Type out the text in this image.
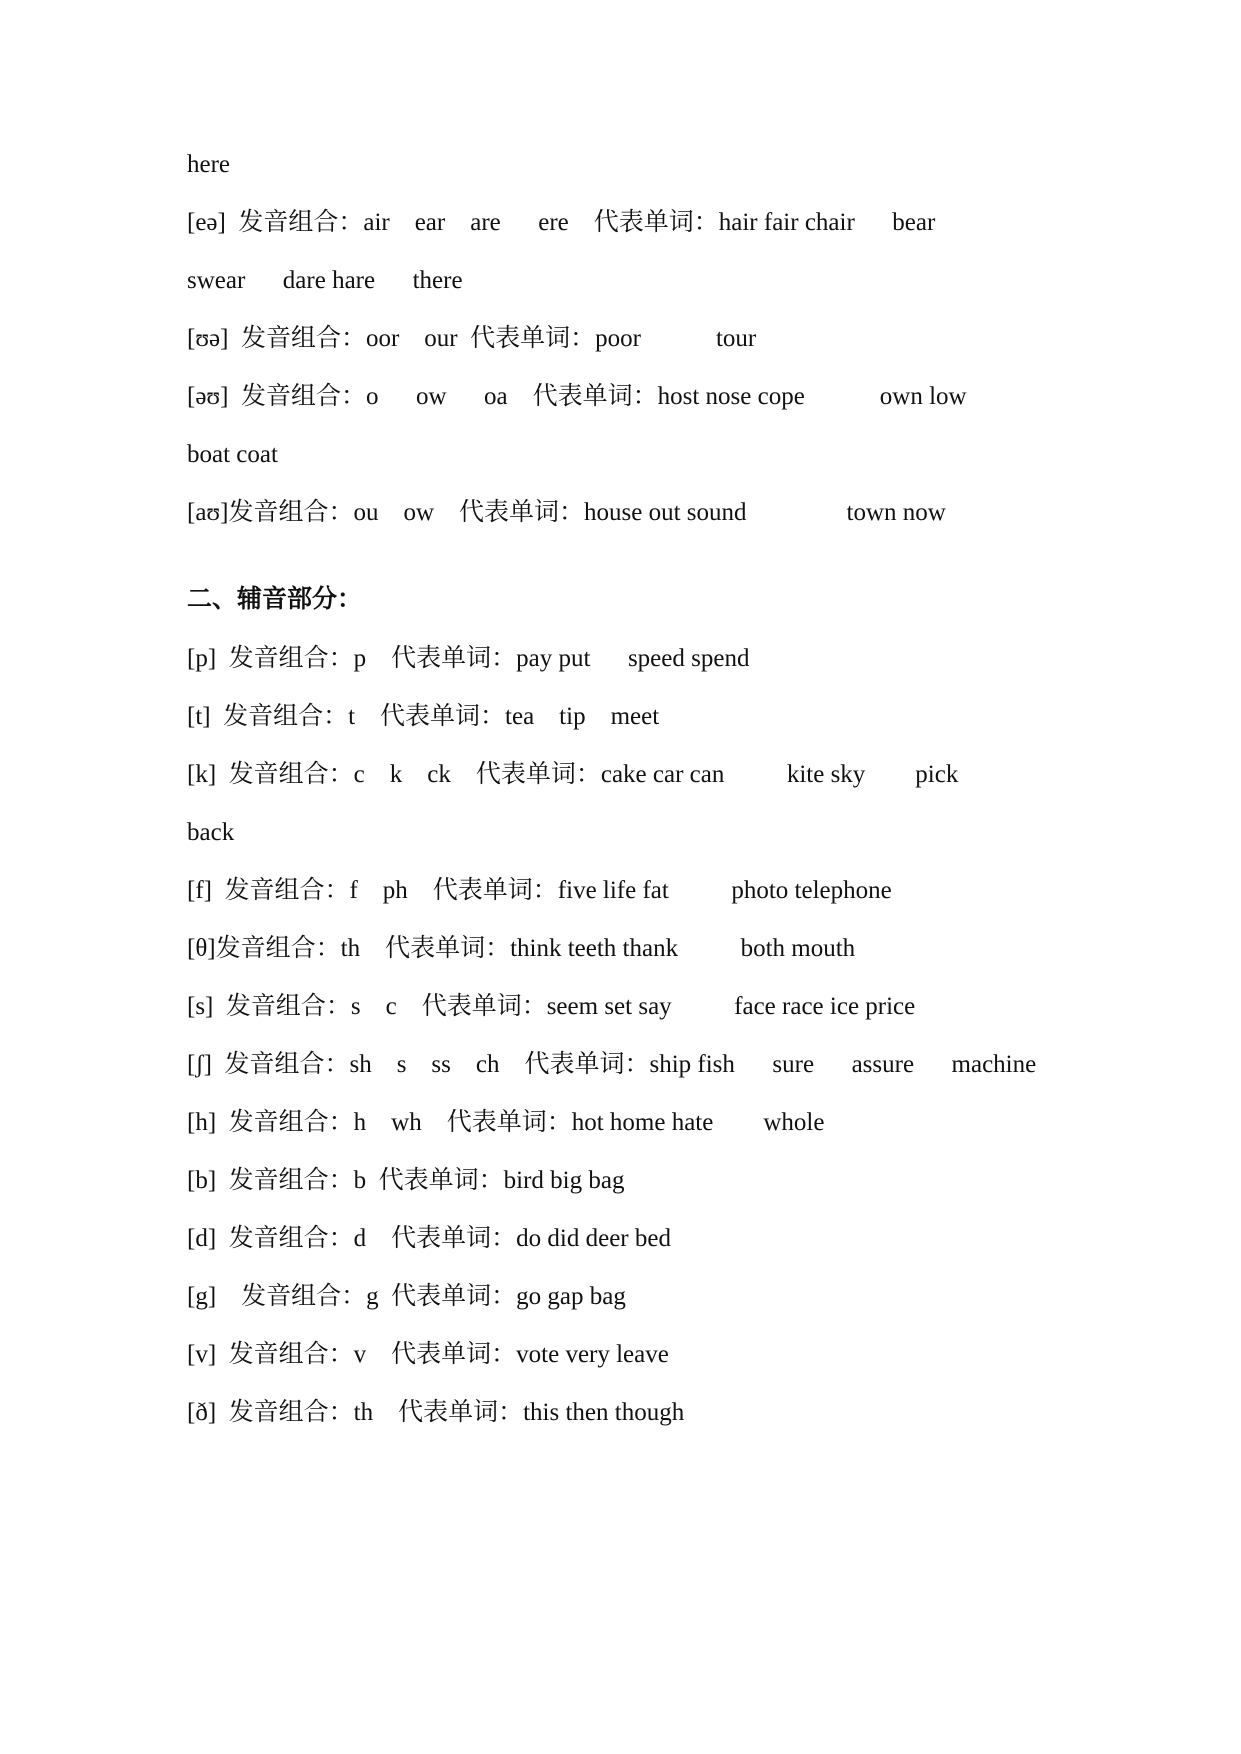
here
[eə]  发音组合：air    ear    are      ere    代表单词：hair fair chair      bear
swear      dare hare      there
[ʊə]  发音组合：oor    our  代表单词：poor            tour
[əʊ]  发音组合：o      ow      oa    代表单词：host nose cope            own low
boat coat
[aʊ]发音组合：ou    ow    代表单词：house out sound                town now
二、辅音部分：
[p]  发音组合：p    代表单词：pay put      speed spend
[t]  发音组合：t    代表单词：tea    tip    meet
[k]  发音组合：c    k    ck    代表单词：cake car can          kite sky        pick
back
[f]  发音组合：f    ph    代表单词：five life fat          photo telephone
[θ]发音组合：th    代表单词：think teeth thank          both mouth
[s]  发音组合：s    c    代表单词：seem set say          face race ice price
[ʃ]  发音组合：sh    s    ss    ch    代表单词：ship fish      sure      assure      machine
[h]  发音组合：h    wh    代表单词：hot home hate        whole
[b]  发音组合：b  代表单词：bird big bag
[d]  发音组合：d    代表单词：do did deer bed
[g]    发音组合：g  代表单词：go gap bag
[v]  发音组合：v    代表单词：vote very leave
[ð]  发音组合：th    代表单词：this then though
